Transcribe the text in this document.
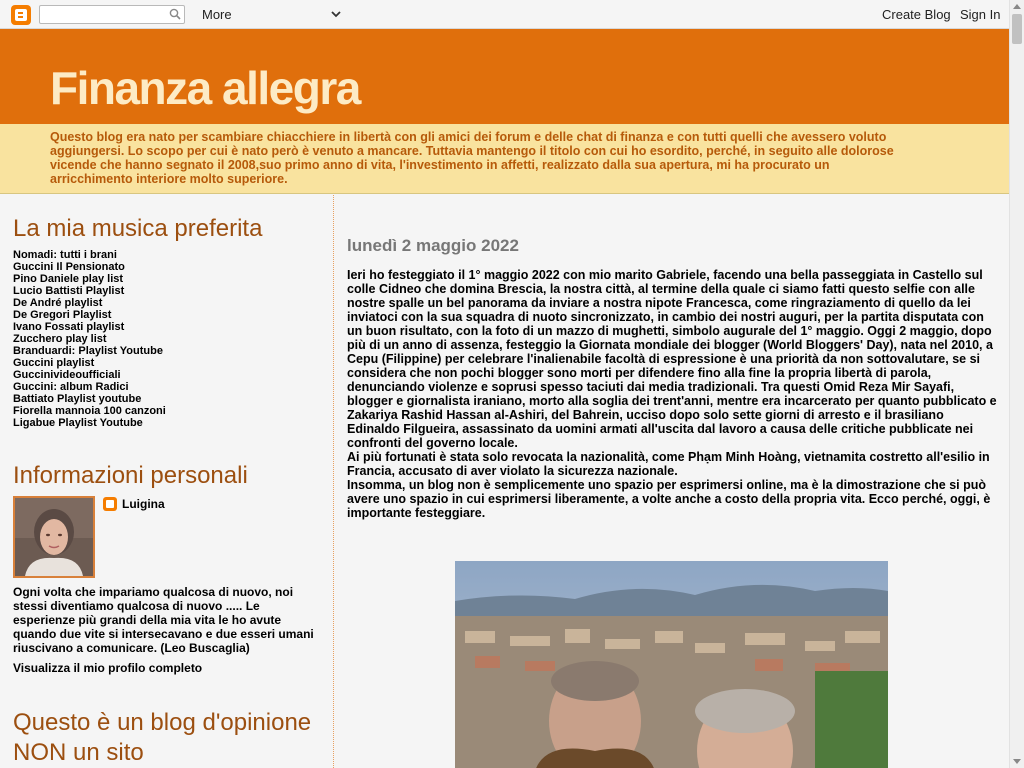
More	Create Blog Sign In
Finanza allegra
Questo blog era nato per scambiare chiacchiere in libertà con gli amici dei forum e delle chat di finanza e con tutti quelli che avessero voluto aggiungersi. Lo scopo per cui è nato però è venuto a mancare. Tuttavia mantengo il titolo con cui ho esordito, perché, in seguito alle dolorose vicende che hanno segnato il 2008,suo primo anno di vita, l'investimento in affetti, realizzato dalla sua apertura, mi ha procurato un arricchimento interiore molto superiore.
La mia musica preferita
Nomadi: tutti i brani
Guccini Il Pensionato
Pino Daniele play list
Lucio Battisti Playlist
De André playlist
De Gregori Playlist
Ivano Fossati playlist
Zucchero play list
Branduardi: Playlist Youtube
Guccini playlist
Guccinivideoufficiali
Guccini: album Radici
Battiato Playlist youtube
Fiorella mannoia 100 canzoni
Ligabue Playlist Youtube
Informazioni personali
Luigina
Ogni volta che impariamo qualcosa di nuovo, noi stessi diventiamo qualcosa di nuovo ..... Le esperienze più grandi della mia vita le ho avute quando due vite si intersecavano e due esseri umani riuscivano a comunicare. (Leo Buscaglia)
Visualizza il mio profilo completo
Questo è un blog d'opinione NON un sito
lunedì 2 maggio 2022

Ieri ho festeggiato il 1° maggio 2022 con mio marito Gabriele, facendo una bella passeggiata in Castello sul colle Cidneo che domina Brescia, la nostra città, al termine della quale ci siamo fatti questo selfie con alle nostre spalle un bel panorama da inviare a nostra nipote Francesca, come ringraziamento di quello da lei inviatoci con la sua squadra di nuoto sincronizzato, in cambio dei nostri auguri, per la partita disputata con un buon risultato, con la foto di un mazzo di mughetti, simbolo augurale del 1° maggio. Oggi 2 maggio, dopo più di un anno di assenza, festeggio la Giornata mondiale dei blogger (World Bloggers' Day), nata nel 2010, a Cepu (Filippine) per celebrare l'inalienabile facoltà di espressione è una priorità da non sottovalutare, se si considera che non pochi blogger sono morti per difendere fino alla fine la propria libertà di parola, denunciando violenze e soprusi spesso taciuti dai media tradizionali. Tra questi Omid Reza Mir Sayafi, blogger e giornalista iraniano, morto alla soglia dei trent'anni, mentre era incarcerato per quanto pubblicato e Zakariya Rashid Hassan al-Ashiri, del Bahrein, ucciso dopo solo sette giorni di arresto e il brasiliano Edinaldo Filgueira, assassinato da uomini armati all'uscita dal lavoro a causa delle critiche pubblicate nei confronti del governo locale.

Ai più fortunati è stata solo revocata la nazionalità, come Phạm Minh Hoàng, vietnamita costretto all'esilio in Francia, accusato di aver violato la sicurezza nazionale.

Insomma, un blog non è semplicemente uno spazio per esprimersi online, ma è la dimostrazione che si può avere uno spazio in cui esprimersi liberamente, a volte anche a costo della propria vita. Ecco perché, oggi, è importante festeggiare.
